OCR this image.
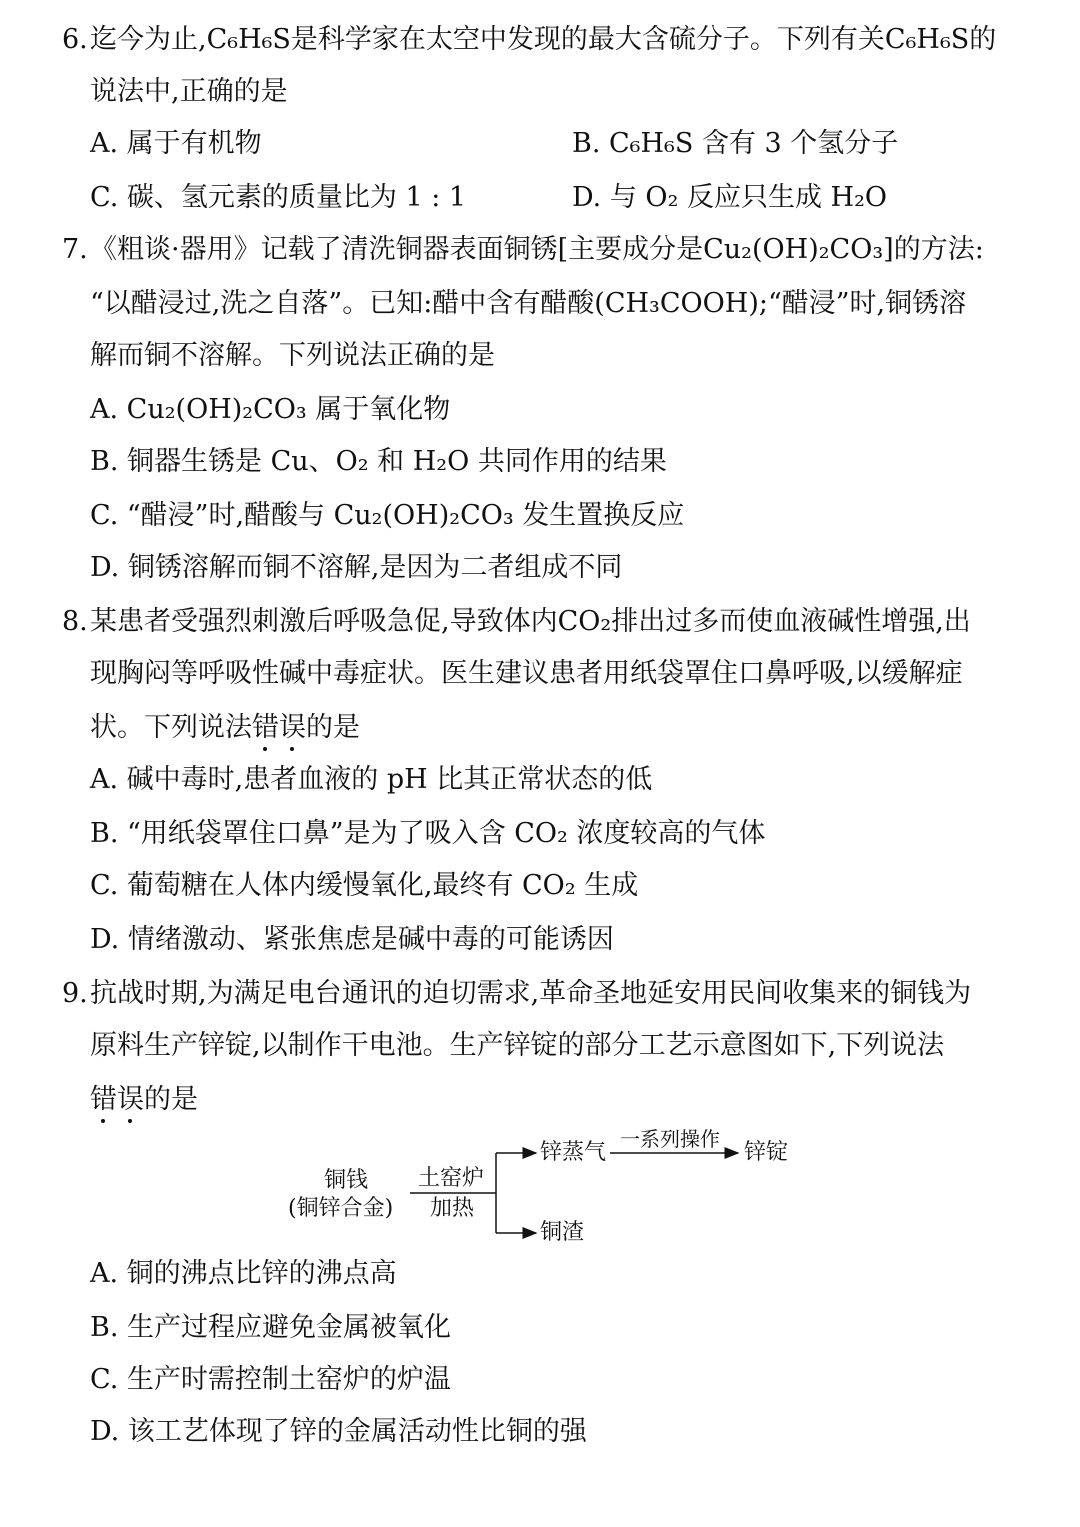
6. 迄今为止,C₆H₆S是科学家在太空中发现的最大含硫分子。下列有关C₆H₆S的
说法中,正确的是
A. 属于有机物	B. C₆H₆S 含有 3 个氢分子
C. 碳、氢元素的质量比为 1 : 1	D. 与 O₂ 反应只生成 H₂O
7. 《粗谈·器用》记载了清洗铜器表面铜锈[主要成分是Cu₂(OH)₂CO₃]的方法:
“以醋浸过,洗之自落”。已知:醋中含有醋酸(CH₃COOH);“醋浸”时,铜锈溶
解而铜不溶解。下列说法正确的是
A. Cu₂(OH)₂CO₃ 属于氧化物
B. 铜器生锈是 Cu、O₂ 和 H₂O 共同作用的结果
C. “醋浸”时,醋酸与 Cu₂(OH)₂CO₃ 发生置换反应
D. 铜锈溶解而铜不溶解,是因为二者组成不同
8. 某患者受强烈刺激后呼吸急促,导致体内CO₂排出过多而使血液碱性增强,出
现胸闷等呼吸性碱中毒症状。医生建议患者用纸袋罩住口鼻呼吸,以缓解症
状。下列说法错误
的是
A. 碱中毒时,患者血液的 pH 比其正常状态的低
B. “用纸袋罩住口鼻”是为了吸入含 CO₂ 浓度较高的气体
C. 葡萄糖在人体内缓慢氧化,最终有 CO₂ 生成
D. 情绪激动、紧张焦虑是碱中毒的可能诱因
9. 抗战时期,为满足电台通讯的迫切需求,革命圣地延安用民间收集来的铜钱为
原料生产锌锭,以制作干电池。生产锌锭的部分工艺示意图如下,下列说法
错误
的是
铜钱
(铜锌合金)
土窑炉
加热
锌蒸气
一系列操作
锌锭
铜渣
A. 铜的沸点比锌的沸点高
B. 生产过程应避免金属被氧化
C. 生产时需控制土窑炉的炉温
D. 该工艺体现了锌的金属活动性比铜的强
